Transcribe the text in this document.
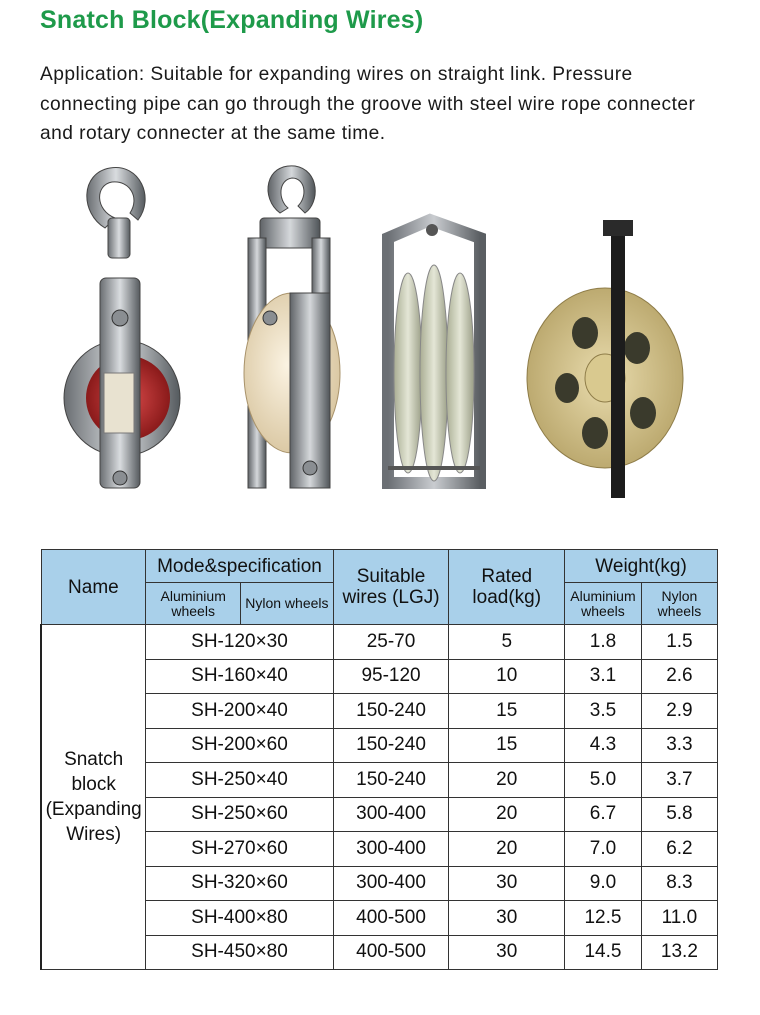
Snatch Block(Expanding Wires)
Application: Suitable for expanding wires on straight link. Pressure connecting pipe can go through the groove with steel wire rope connecter and rotary connecter at the same time.
Name	Mode&specification		Suitable wires (LGJ)	Rated load(kg)	Weight(kg)	
	Aluminium wheels	Nylon wheels			Aluminium wheels	Nylon wheels
Snatch block (Expanding Wires)	SH-120×30		25-70	5	1.8	1.5
	SH-160×40		95-120	10	3.1	2.6
	SH-200×40		150-240	15	3.5	2.9
	SH-200×60		150-240	15	4.3	3.3
	SH-250×40		150-240	20	5.0	3.7
	SH-250×60		300-400	20	6.7	5.8
	SH-270×60		300-400	20	7.0	6.2
	SH-320×60		300-400	30	9.0	8.3
	SH-400×80		400-500	30	12.5	11.0
	SH-450×80		400-500	30	14.5	13.2
